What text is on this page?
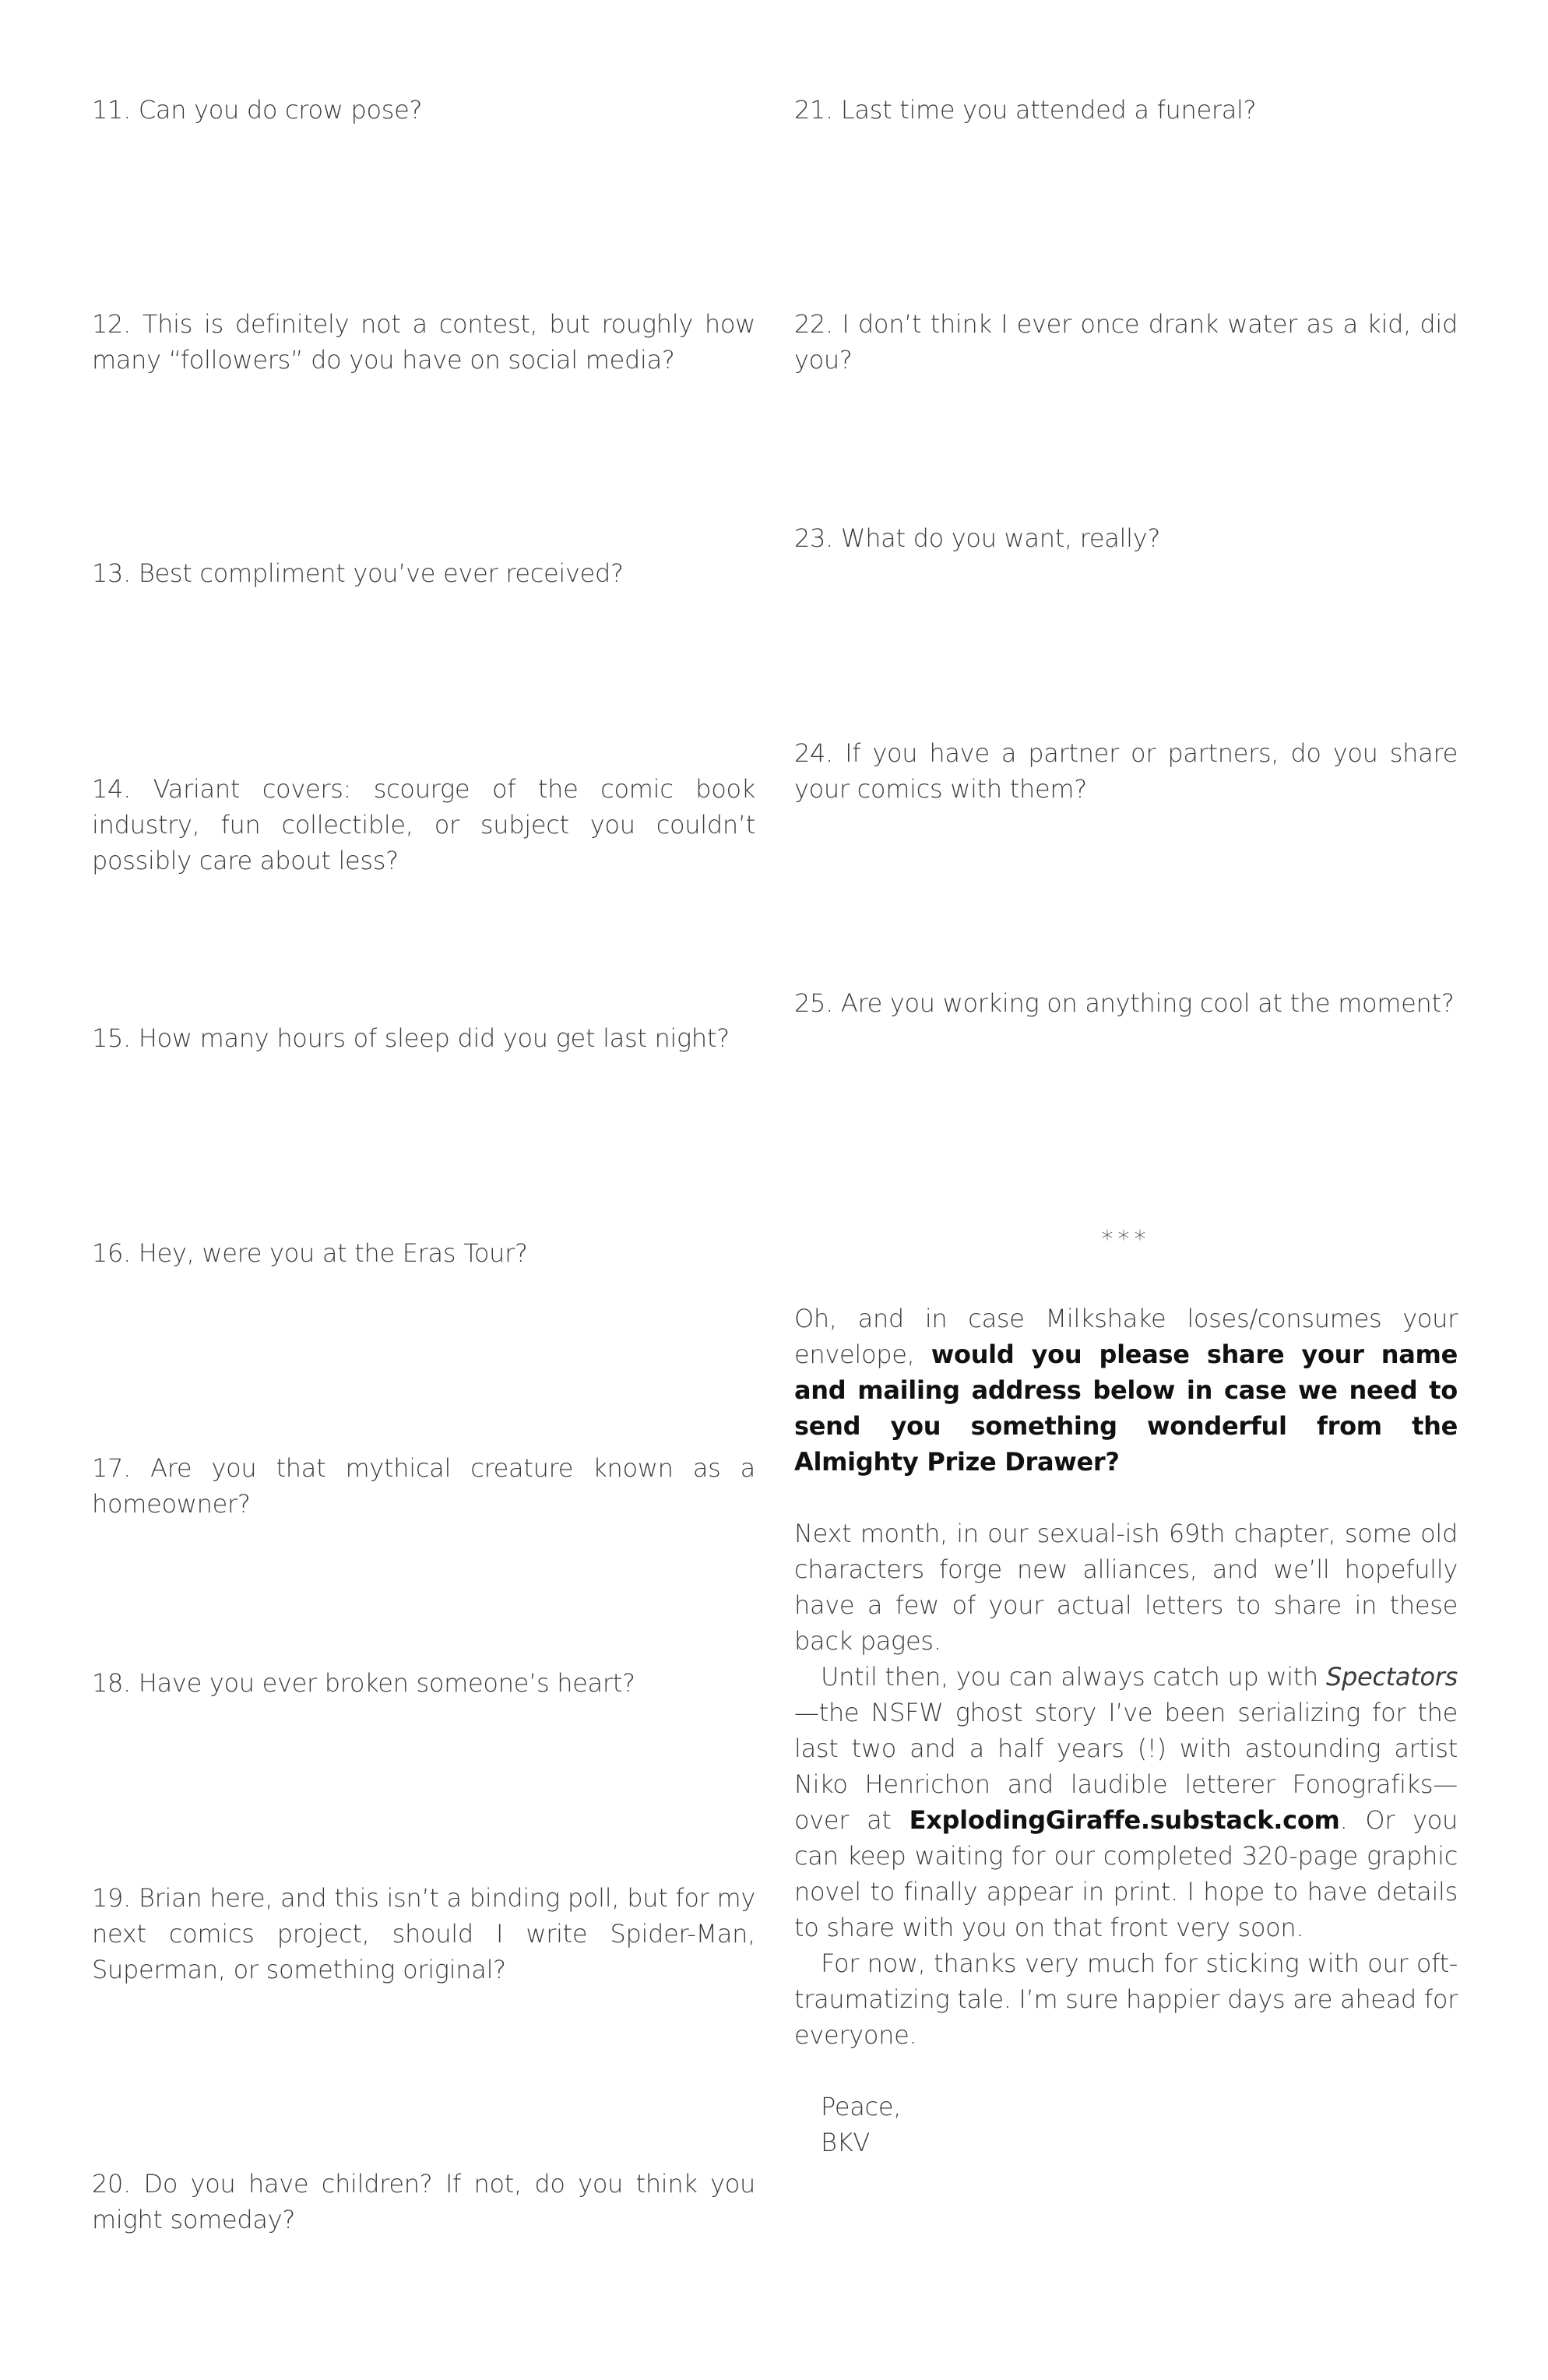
11. Can you do crow pose?
12. This is definitely not a contest, but roughly how many “followers” do you have on social media?
13. Best compliment you’ve ever received?
14. Variant covers: scourge of the comic book industry, fun collectible, or subject you couldn’t possibly care about less?
15. How many hours of sleep did you get last night?
16. Hey, were you at the Eras Tour?
17. Are you that mythical creature known as a homeowner?
18. Have you ever broken someone’s heart?
19. Brian here, and this isn’t a binding poll, but for my next comics project, should I write Spider-Man, Superman, or something original?
20. Do you have children? If not, do you think you might someday?
21. Last time you attended a funeral?
22. I don’t think I ever once drank water as a kid, did you?
23. What do you want, really?
24. If you have a partner or partners, do you share your comics with them?
25. Are you working on anything cool at the moment?
***

Oh, and in case Milkshake loses/consumes your envelope, would you please share your name and mailing address below in case we need to send you something wonderful from the Almighty Prize Drawer?

Next month, in our sexual-ish 69th chapter, some old characters forge new alliances, and we’ll hopefully have a few of your actual letters to share in these back pages.

Until then, you can always catch up with Spectators—the NSFW ghost story I’ve been serializing for the last two and a half years (!) with astounding artist Niko Henrichon and laudible letterer Fonografiks—over at ExplodingGiraffe.substack.com. Or you can keep waiting for our completed 320-page graphic novel to finally appear in print. I hope to have details to share with you on that front very soon.

For now, thanks very much for sticking with our oft-traumatizing tale. I’m sure happier days are ahead for everyone.

Peace,

BKV
